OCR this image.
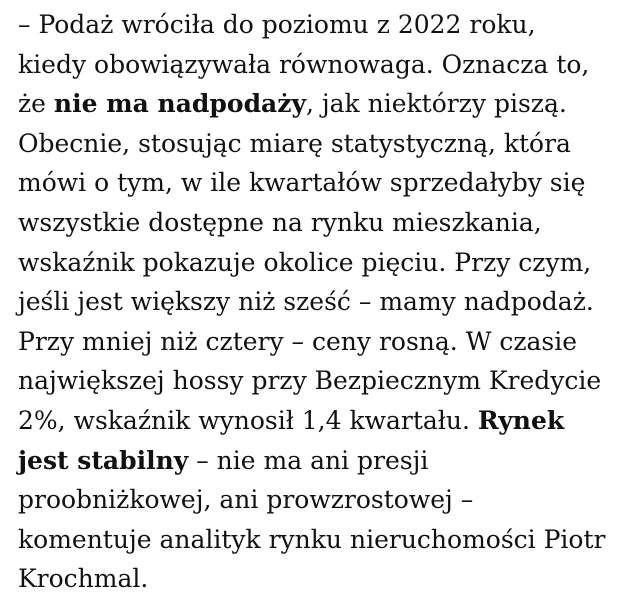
– Podaż wróciła do poziomu z 2022 roku,
kiedy obowiązywała równowaga. Oznacza to,
że nie ma nadpodaży, jak niektórzy piszą.
Obecnie, stosując miarę statystyczną, która
mówi o tym, w ile kwartałów sprzedałyby się
wszystkie dostępne na rynku mieszkania,
wskaźnik pokazuje okolice pięciu. Przy czym,
jeśli jest większy niż sześć – mamy nadpodaż.
Przy mniej niż cztery – ceny rosną. W czasie
największej hossy przy Bezpiecznym Kredycie
2%, wskaźnik wynosił 1,4 kwartału. Rynek
jest stabilny – nie ma ani presji
proobniżkowej, ani prowzrostowej –
komentuje analityk rynku nieruchomości Piotr
Krochmal.
